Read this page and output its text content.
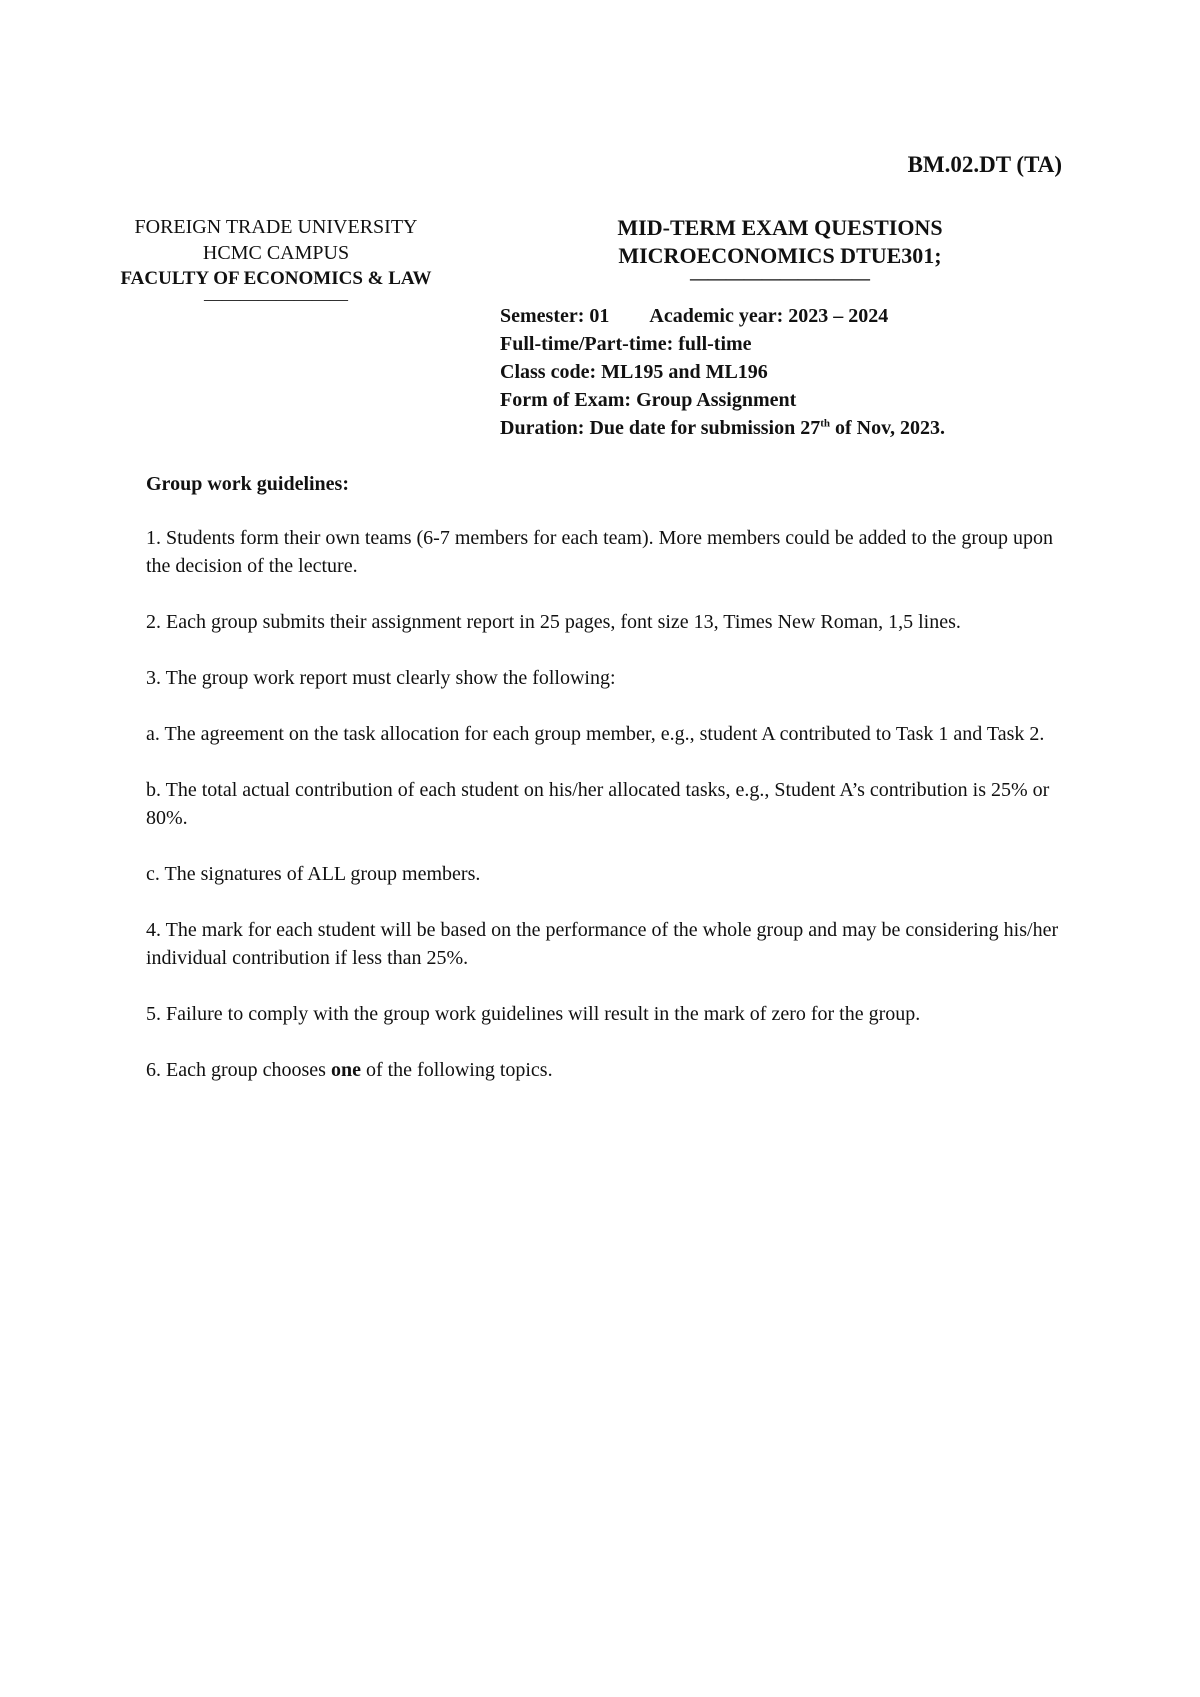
BM.02.DT (TA)
FOREIGN TRADE UNIVERSITY
HCMC CAMPUS
FACULTY OF ECONOMICS & LAW
————————
MID-TERM EXAM QUESTIONS
MICROECONOMICS DTUE301;
——————————
Semester: 01 Academic year: 2023 – 2024
Full-time/Part-time: full-time
Class code: ML195 and ML196
Form of Exam: Group Assignment
Duration: Due date for submission 27th of Nov, 2023.
Group work guidelines:

1. Students form their own teams (6-7 members for each team). More members could be added to the group upon the decision of the lecture.

2. Each group submits their assignment report in 25 pages, font size 13, Times New Roman, 1,5 lines.

3. The group work report must clearly show the following:

a. The agreement on the task allocation for each group member, e.g., student A contributed to Task 1 and Task 2.

b. The total actual contribution of each student on his/her allocated tasks, e.g., Student A’s contribution is 25% or 80%.

c. The signatures of ALL group members.

4. The mark for each student will be based on the performance of the whole group and may be considering his/her individual contribution if less than 25%.

5. Failure to comply with the group work guidelines will result in the mark of zero for the group.

6. Each group chooses one of the following topics.
